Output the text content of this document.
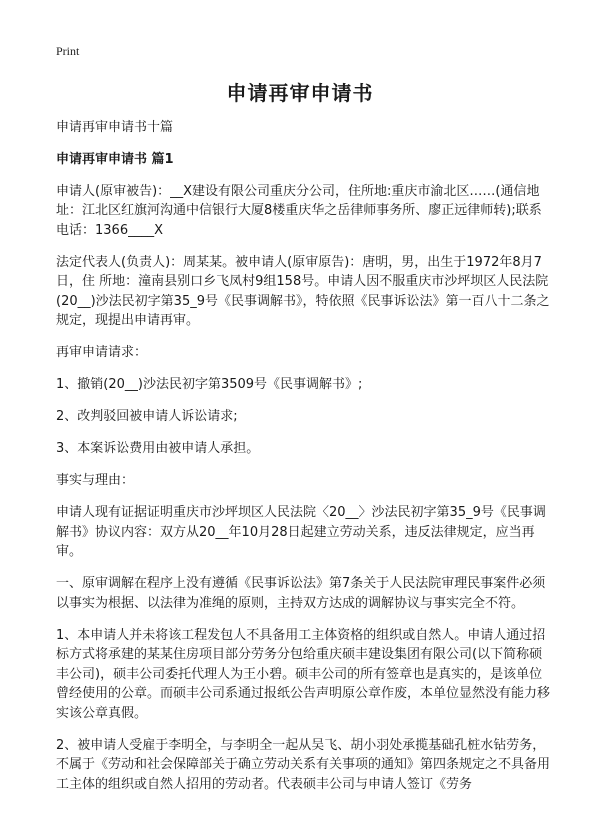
Print
申请再审申请书

申请再审申请书十篇

申请再审申请书 篇1

申请人(原审被告)：__X建设有限公司重庆分公司，住所地:重庆市渝北区……(通信地址：江北区红旗河沟通中信银行大厦8楼重庆华之岳律师事务所、廖正远律师转);联系电话：1366____X

法定代表人(负责人)：周某某。被申请人(原审原告)：唐明，男，出生于1972年8月7日，住 所地：潼南县别口乡飞凤村9组158号。申请人因不服重庆市沙坪坝区人民法院(20__)沙法民初字第35_9号《民事调解书》，特依照《民事诉讼法》第一百八十二条之规定，现提出申请再审。

再审申请请求：

1、撤销(20__)沙法民初字第3509号《民事调解书》;

2、改判驳回被申请人诉讼请求;

3、本案诉讼费用由被申请人承担。

事实与理由：

申请人现有证据证明重庆市沙坪坝区人民法院〈20__〉沙法民初字第35_9号《民事调解书》协议内容：双方从20__年10月28日起建立劳动关系，违反法律规定，应当再审。

一、原审调解在程序上没有遵循《民事诉讼法》第7条关于人民法院审理民事案件必须以事实为根据、以法律为准绳的原则，主持双方达成的调解协议与事实完全不符。

1、本申请人并未将该工程发包人不具备用工主体资格的组织或自然人。申请人通过招标方式将承建的某某住房项目部分劳务分包给重庆硕丰建设集团有限公司(以下简称硕丰公司)，硕丰公司委托代理人为王小碧。硕丰公司的所有签章也是真实的，是该单位曾经使用的公章。而硕丰公司系通过报纸公告声明原公章作废，本单位显然没有能力移实该公章真假。

2、被申请人受雇于李明全，与李明全一起从吴飞、胡小羽处承揽基础孔桩水钻劳务，不属于《劳动和社会保障部关于确立劳动关系有关事项的通知》第四条规定之不具备用工主体的组织或自然人招用的劳动者。代表硕丰公司与申请人签订《劳务
